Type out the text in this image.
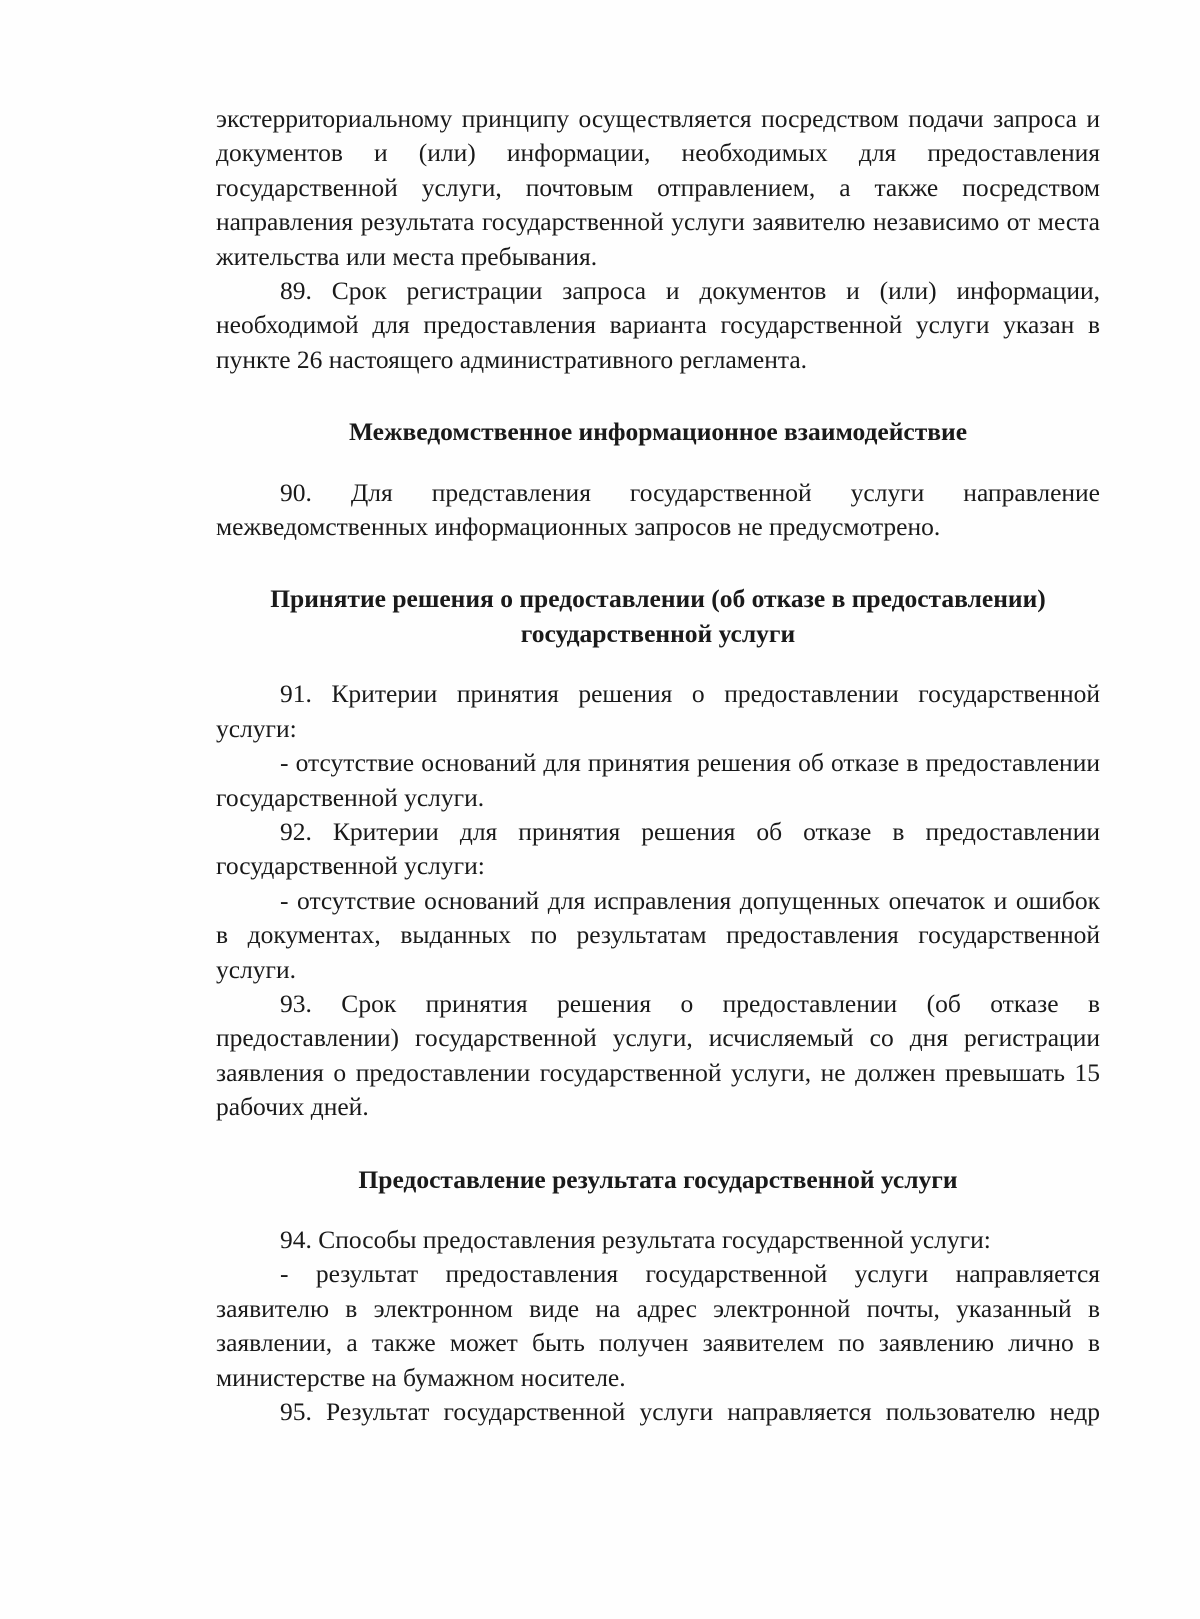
экстерриториальному принципу осуществляется посредством подачи запроса и документов и (или) информации, необходимых для предоставления государственной услуги, почтовым отправлением, а также посредством направления результата государственной услуги заявителю независимо от места жительства или места пребывания.

89. Срок регистрации запроса и документов и (или) информации, необходимой для предоставления варианта государственной услуги указан в пункте 26 настоящего административного регламента.

Межведомственное информационное взаимодействие

90. Для представления государственной услуги направление межведомственных информационных запросов не предусмотрено.

Принятие решения о предоставлении (об отказе в предоставлении)

государственной услуги

91. Критерии принятия решения о предоставлении государственной услуги:

- отсутствие оснований для принятия решения об отказе в предоставлении государственной услуги.

92. Критерии для принятия решения об отказе в предоставлении государственной услуги:

- отсутствие оснований для исправления допущенных опечаток и ошибок в документах, выданных по результатам предоставления государственной услуги.

93. Срок принятия решения о предоставлении (об отказе в предоставлении) государственной услуги, исчисляемый со дня регистрации заявления о предоставлении государственной услуги, не должен превышать 15 рабочих дней.

Предоставление результата государственной услуги

94. Способы предоставления результата государственной услуги:

- результат предоставления государственной услуги направляется заявителю в электронном виде на адрес электронной почты, указанный в заявлении, а также может быть получен заявителем по заявлению лично в министерстве на бумажном носителе.

95. Результат государственной услуги направляется пользователю недр
